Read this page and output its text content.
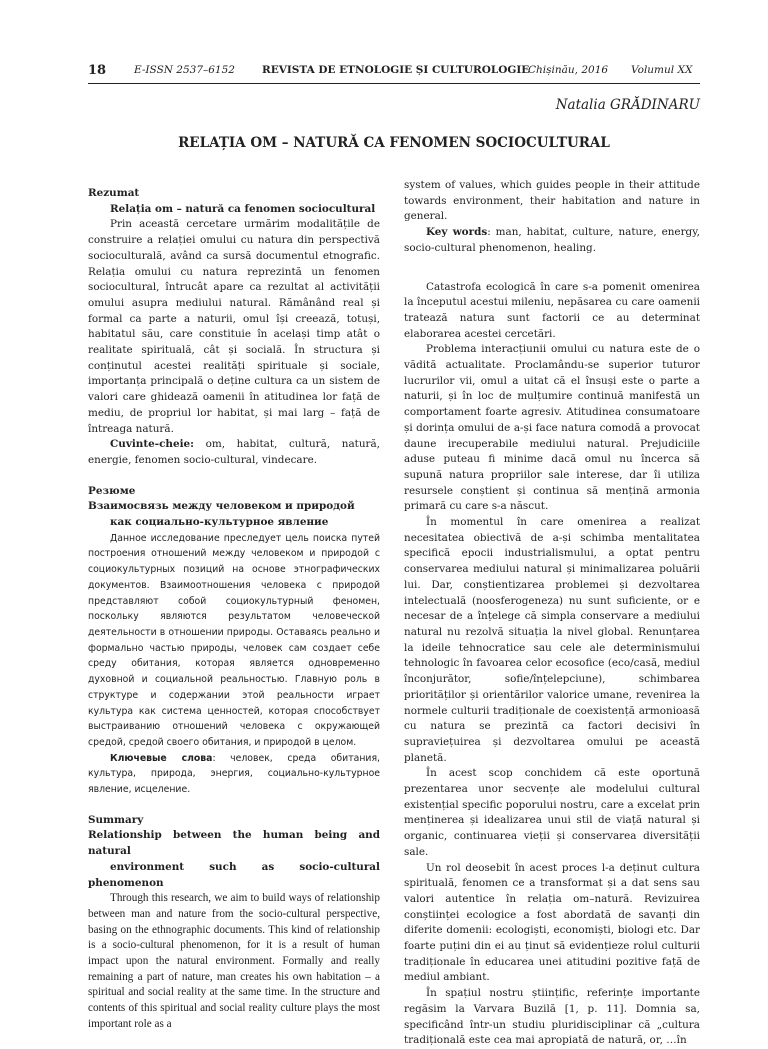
18	E-ISSN 2537–6152	REVISTA DE ETNOLOGIE ȘI CULTUROLOGIE
Chișinău, 2016 Volumul XX
Natalia GRĂDINARU
RELAȚIA OM – NATURĂ CA FENOMEN SOCIOCULTURAL

Rezumat

Relația om – natură ca fenomen sociocultural

Prin această cercetare urmărim modalitățile de construire a relației omului cu natura din perspectivă socioculturală, având ca sursă documentul etnografic. Relația omului cu natura reprezintă un fenomen sociocultural, întrucât apare ca rezultat al activității omului asupra mediului natural. Rămânând real și formal ca parte a naturii, omul își creează, totuși, habitatul său, care constituie în același timp atât o realitate spirituală, cât și socială. În structura și conținutul acestei realități spirituale și sociale, importanța principală o deține cultura ca un sistem de valori care ghidează oamenii în atitudinea lor față de mediu, de propriul lor habitat, și mai larg – față de întreaga natură.

Cuvinte-cheie: om, habitat, cultură, natură, energie, fenomen socio-cultural, vindecare.

Резюме

Взаимосвязь между человеком и природой

как социально-культурное явление

Данное исследование преследует цель поиска путей построения отношений между человеком и природой с социокультурных позиций на основе этнографических документов. Взаимоотношения человека с природой представляют собой социокультурный феномен, поскольку являются результатом человеческой деятельности в отношении природы. Оставаясь реально и формально частью природы, человек сам создает себе среду обитания, которая является одновременно духовной и социальной реальностью. Главную роль в структуре и содержании этой реальности играет культура как система ценностей, которая способствует выстраиванию отношений человека с окружающей средой, средой своего обитания, и природой в целом.

Ключевые слова: человек, среда обитания, культура, природа, энергия, социально-культурное явление, исцеление.

Summary

Relationship between the human being and natural

environment such as socio-cultural phenomenon

Through this research, we aim to build ways of relationship between man and nature from the socio-cultural perspective, basing on the ethnographic documents. This kind of relationship is a socio-cultural phenomenon, for it is a result of human impact upon the natural environment. Formally and really remaining a part of nature, man creates his own habitation – a spiritual and social reality at the same time. In the structure and contents of this spiritual and social reality culture plays the most important role as a

system of values, which guides people in their attitude towards environment, their habitation and nature in general.

Key words: man, habitat, culture, nature, energy, socio-cultural phenomenon, healing.

Catastrofa ecologică în care s-a pomenit omenirea la începutul acestui mileniu, nepăsarea cu care oamenii tratează natura sunt factorii ce au determinat elaborarea acestei cercetări.

Problema interacțiunii omului cu natura este de o vădită actualitate. Proclamându-se superior tuturor lucrurilor vii, omul a uitat că el însuși este o parte a naturii, și în loc de mulțumire continuă manifestă un comportament foarte agresiv. Atitudinea consumatoare și dorința omului de a-și face natura comodă a provocat daune irecuperabile mediului natural. Prejudiciile aduse puteau fi minime dacă omul nu încerca să supună natura propriilor sale interese, dar îi utiliza resursele conștient și continua să mențină armonia primară cu care s-a născut.

În momentul în care omenirea a realizat necesitatea obiectivă de a-și schimba mentalitatea specifică epocii industrialismului, a optat pentru conservarea mediului natural și minimalizarea poluării lui. Dar, conștientizarea problemei și dezvoltarea intelectuală (noosferogeneza) nu sunt suficiente, or e necesar de a înțelege că simpla conservare a mediului natural nu rezolvă situația la nivel global. Renunțarea la ideile tehnocratice sau cele ale determinismului tehnologic în favoarea celor ecosofice (eco/casă, mediul înconjurător, sofie/înțelepciune), schimbarea priorităților și orientărilor valorice umane, revenirea la normele culturii tradiționale de coexistență armonioasă cu natura se prezintă ca factori decisivi în supraviețuirea și dezvoltarea omului pe această planetă.

În acest scop conchidem că este oportună prezentarea unor secvențe ale modelului cultural existențial specific poporului nostru, care a excelat prin menținerea și idealizarea unui stil de viață natural și organic, continuarea vieții și conservarea diversității sale.

Un rol deosebit în acest proces l-a deținut cultura spirituală, fenomen ce a transformat și a dat sens sau valori autentice în relația om–natură. Revizuirea conștiinței ecologice a fost abordată de savanți din diferite domenii: ecologiști, economiști, biologi etc. Dar foarte puțini din ei au ținut să evidențieze rolul culturii tradiționale în educarea unei atitudini pozitive față de mediul ambiant.

În spațiul nostru științific, referințe importante regăsim la Varvara Buzilă [1, p. 11]. Domnia sa, specificând într-un studiu pluridisciplinar că „cultura tradițională este cea mai apropiată de natură, or, …în
